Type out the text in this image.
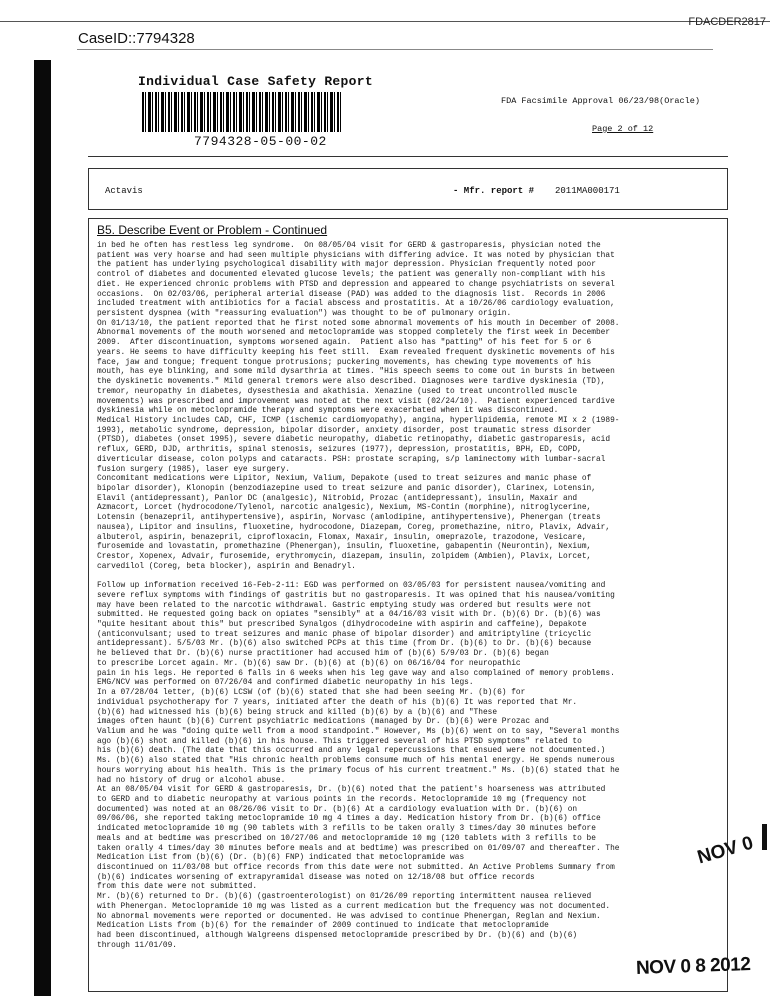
FDACDER2817
CaseID::7794328
Individual Case Safety Report
7794328-05-00-02
FDA Facsimile Approval 06/23/98(Oracle)
Page 2 of 12
Actavis	- Mfr. report # 2011MA000171
B5. Describe Event or Problem - Continued
in bed he often has restless leg syndrome.  On 08/05/04 visit for GERD & gastroparesis, physician noted the
patient was very hoarse and had seen multiple physicians with differing advice. It was noted by physician that
the patient has underlying psychological disability with major depression. Physician frequently noted poor
control of diabetes and documented elevated glucose levels; the patient was generally non-compliant with his
diet. He experienced chronic problems with PTSD and depression and appeared to change psychiatrists on several
occasions.  On 02/03/06, peripheral arterial disease (PAD) was added to the diagnosis list.  Records in 2006
included treatment with antibiotics for a facial abscess and prostatitis. At a 10/26/06 cardiology evaluation,
persistent dyspnea (with "reassuring evaluation") was thought to be of pulmonary origin.
On 01/13/10, the patient reported that he first noted some abnormal movements of his mouth in December of 2008.
Abnormal movements of the mouth worsened and metoclopramide was stopped completely the first week in December
2009.  After discontinuation, symptoms worsened again.  Patient also has "patting" of his feet for 5 or 6
years. He seems to have difficulty keeping his feet still.  Exam revealed frequent dyskinetic movements of his
face, jaw and tongue; frequent tongue protrusions; puckering movements, has chewing type movements of his
mouth, has eye blinking, and some mild dysarthria at times. "His speech seems to come out in bursts in between
the dyskinetic movements." Mild general tremors were also described. Diagnoses were tardive dyskinesia (TD),
tremor, neuropathy in diabetes, dysesthesia and akathisia. Xenazine (used to treat uncontrolled muscle
movements) was prescribed and improvement was noted at the next visit (02/24/10).  Patient experienced tardive
dyskinesia while on metoclopramide therapy and symptoms were exacerbated when it was discontinued.
Medical History includes CAD, CHF, ICMP (ischemic cardiomyopathy), angina, hyperlipidemia, remote MI x 2 (1989-
1993), metabolic syndrome, depression, bipolar disorder, anxiety disorder, post traumatic stress disorder
(PTSD), diabetes (onset 1995), severe diabetic neuropathy, diabetic retinopathy, diabetic gastroparesis, acid
reflux, GERD, DJD, arthritis, spinal stenosis, seizures (1977), depression, prostatitis, BPH, ED, COPD,
diverticular disease, colon polyps and cataracts. PSH: prostate scraping, s/p laminectomy with lumbar-sacral
fusion surgery (1985), laser eye surgery.
Concomitant medications were Lipitor, Nexium, Valium, Depakote (used to treat seizures and manic phase of
bipolar disorder), Klonopin (benzodiazepine used to treat seizure and panic disorder), Clarinex, Lotensin,
Elavil (antidepressant), Panlor DC (analgesic), Nitrobid, Prozac (antidepressant), insulin, Maxair and
Azmacort, Lorcet (hydrocodone/Tylenol, narcotic analgesic), Nexium, MS-Contin (morphine), nitroglycerine,
Lotensin (benazepril, antihypertensive), aspirin, Norvasc (amlodipine, antihypertensive), Phenergan (treats
nausea), Lipitor and insulins, fluoxetine, hydrocodone, Diazepam, Coreg, promethazine, nitro, Plavix, Advair,
albuterol, aspirin, benazepril, ciprofloxacin, Flomax, Maxair, insulin, omeprazole, trazodone, Vesicare,
furosemide and lovastatin, promethazine (Phenergan), insulin, fluoxetine, gabapentin (Neurontin), Nexium,
Crestor, Xopenex, Advair, furosemide, erythromycin, diazepam, insulin, zolpidem (Ambien), Plavix, Lorcet,
carvedilol (Coreg, beta blocker), aspirin and Benadryl.

Follow up information received 16-Feb-2-11: EGD was performed on 03/05/03 for persistent nausea/vomiting and
severe reflux symptoms with findings of gastritis but no gastroparesis. It was opined that his nausea/vomiting
may have been related to the narcotic withdrawal. Gastric emptying study was ordered but results were not
submitted. He requested going back on opiates "sensibly" at a 04/16/03 visit with Dr. (b)(6) Dr. (b)(6) was
"quite hesitant about this" but prescribed Synalgos (dihydrocodeine with aspirin and caffeine), Depakote
(anticonvulsant; used to treat seizures and manic phase of bipolar disorder) and amitriptyline (tricyclic
antidepressant). 5/5/03 Mr. (b)(6) also switched PCPs at this time (from Dr. (b)(6) to Dr. (b)(6) because
he believed that Dr. (b)(6) nurse practitioner had accused him of (b)(6) 5/9/03 Dr. (b)(6) began
to prescribe Lorcet again. Mr. (b)(6) saw Dr. (b)(6) at (b)(6) on 06/16/04 for neuropathic
pain in his legs. He reported 6 falls in 6 weeks when his leg gave way and also complained of memory problems.
EMG/NCV was performed on 07/26/04 and confirmed diabetic neuropathy in his legs.
In a 07/28/04 letter, (b)(6) LCSW (of (b)(6) stated that she had been seeing Mr. (b)(6) for
individual psychotherapy for 7 years, initiated after the death of his (b)(6) It was reported that Mr.
(b)(6) had witnessed his (b)(6) being struck and killed (b)(6) by a (b)(6) and "These
images often haunt (b)(6) Current psychiatric medications (managed by Dr. (b)(6) were Prozac and
Valium and he was "doing quite well from a mood standpoint." However, Ms (b)(6) went on to say, "Several months
ago (b)(6) shot and killed (b)(6) in his house. This triggered several of his PTSD symptoms" related to
his (b)(6) death. (The date that this occurred and any legal repercussions that ensued were not documented.)
Ms. (b)(6) also stated that "His chronic health problems consume much of his mental energy. He spends numerous
hours worrying about his health. This is the primary focus of his current treatment." Ms. (b)(6) stated that he
had no history of drug or alcohol abuse.
At an 08/05/04 visit for GERD & gastroparesis, Dr. (b)(6) noted that the patient's hoarseness was attributed
to GERD and to diabetic neuropathy at various points in the records. Metoclopramide 10 mg (frequency not
documented) was noted at an 08/26/06 visit to Dr. (b)(6) At a cardiology evaluation with Dr. (b)(6) on
09/06/06, she reported taking metoclopramide 10 mg 4 times a day. Medication history from Dr. (b)(6) office
indicated metoclopramide 10 mg (90 tablets with 3 refills to be taken orally 3 times/day 30 minutes before
meals and at bedtime was prescribed on 10/27/06 and metoclopramide 10 mg (120 tablets with 3 refills to be
taken orally 4 times/day 30 minutes before meals and at bedtime) was prescribed on 01/09/07 and thereafter. The
Medication List from (b)(6) (Dr. (b)(6) FNP) indicated that metoclopramide was
discontinued on 11/03/08 but office records from this date were not submitted. An Active Problems Summary from
(b)(6) indicates worsening of extrapyramidal disease was noted on 12/18/08 but office records
from this date were not submitted.
Mr. (b)(6) returned to Dr. (b)(6) (gastroenterologist) on 01/26/09 reporting intermittent nausea relieved
with Phenergan. Metoclopramide 10 mg was listed as a current medication but the frequency was not documented.
No abnormal movements were reported or documented. He was advised to continue Phenergan, Reglan and Nexium.
Medication Lists from (b)(6) for the remainder of 2009 continued to indicate that metoclopramide
had been discontinued, although Walgreens dispensed metoclopramide prescribed by Dr. (b)(6) and (b)(6)
through 11/01/09.
NOV 0
NOV 0 8 2012
